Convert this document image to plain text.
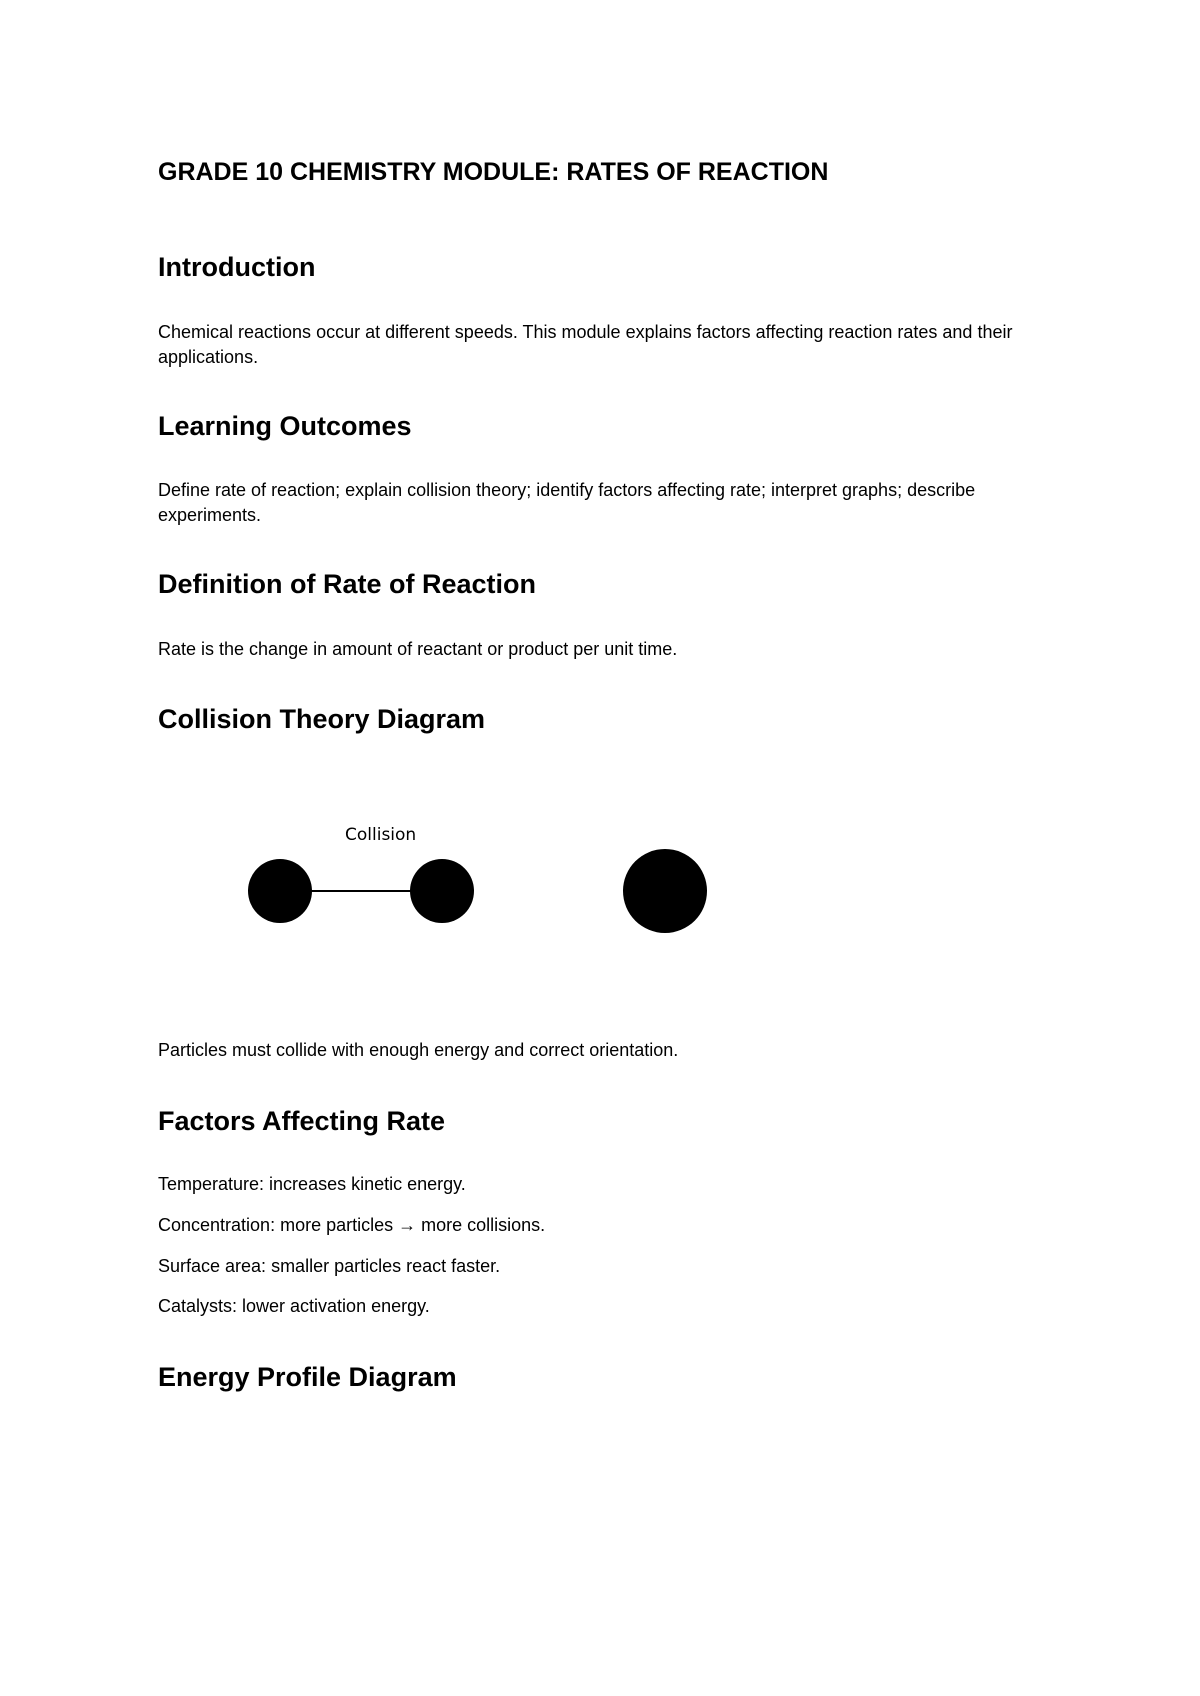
GRADE 10 CHEMISTRY MODULE: RATES OF REACTION
Introduction
Chemical reactions occur at different speeds. This module explains factors affecting reaction rates and their applications.
Learning Outcomes
Define rate of reaction; explain collision theory; identify factors affecting rate; interpret graphs; describe experiments.
Definition of Rate of Reaction
Rate is the change in amount of reactant or product per unit time.
Collision Theory Diagram
Collision
Particles must collide with enough energy and correct orientation.
Factors Affecting Rate
Temperature: increases kinetic energy.
Concentration: more particles → more collisions.
Surface area: smaller particles react faster.
Catalysts: lower activation energy.
Energy Profile Diagram
